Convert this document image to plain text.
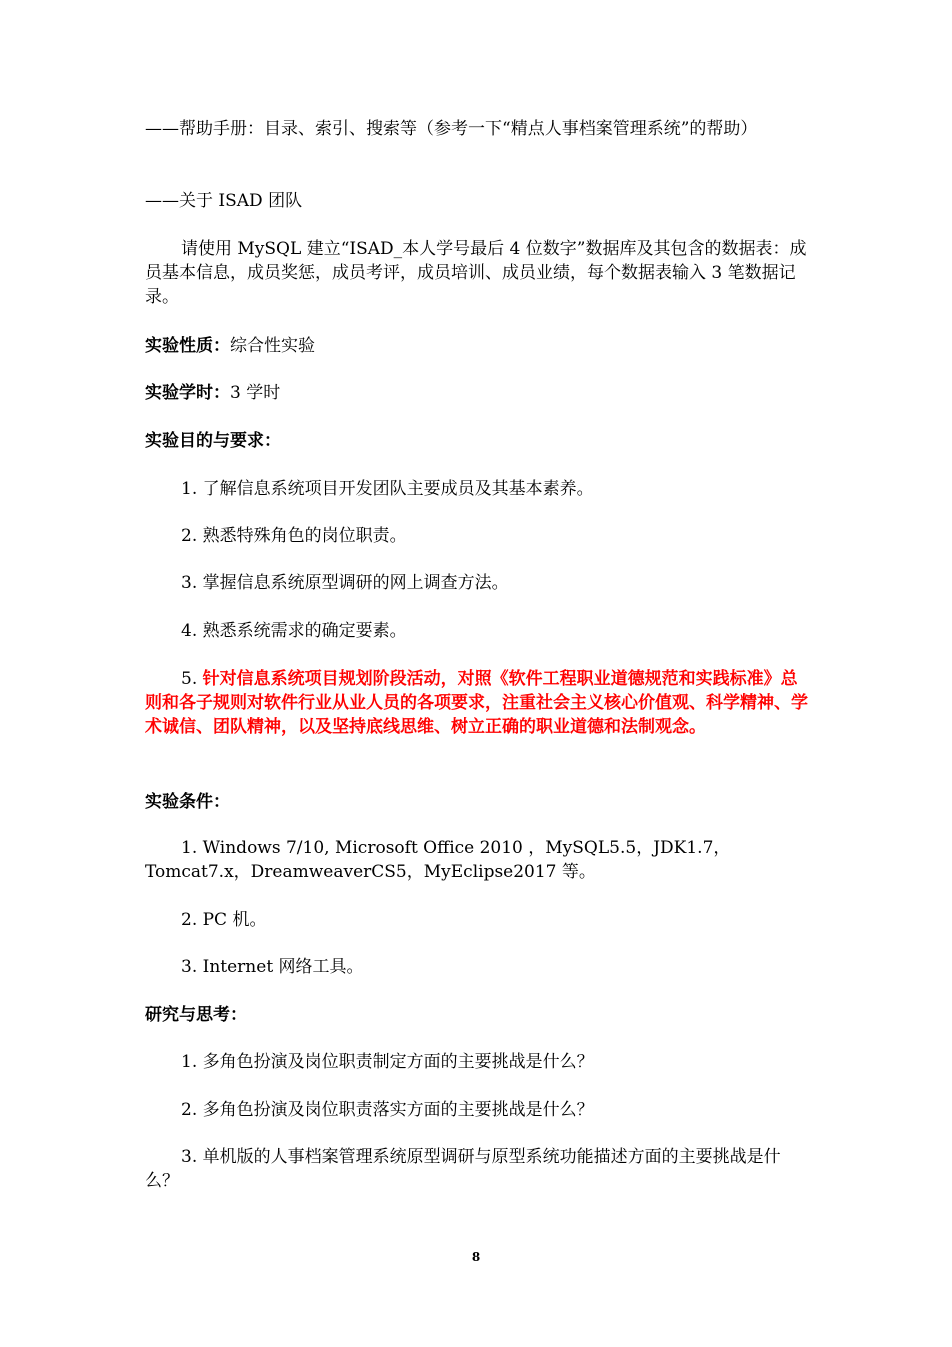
——帮助手册：目录、索引、搜索等（参考一下“精点人事档案管理系统”的帮助）

——关于 ISAD 团队

请使用 MySQL 建立“ISAD_本人学号最后 4 位数字”数据库及其包含的数据表：成员基本信息，成员奖惩，成员考评，成员培训、成员业绩，每个数据表输入 3 笔数据记录。

实验性质：综合性实验

实验学时：3 学时

实验目的与要求：

1. 了解信息系统项目开发团队主要成员及其基本素养。

2. 熟悉特殊角色的岗位职责。

3. 掌握信息系统原型调研的网上调查方法。

4. 熟悉系统需求的确定要素。

5. 针对信息系统项目规划阶段活动，对照《软件工程职业道德规范和实践标准》总则和各子规则对软件行业从业人员的各项要求，注重社会主义核心价值观、科学精神、学术诚信、团队精神，以及坚持底线思维、树立正确的职业道德和法制观念。

实验条件：

1. Windows 7/10, Microsoft Office 2010 ，MySQL5.5，JDK1.7，Tomcat7.x，DreamweaverCS5，MyEclipse2017 等。

2. PC 机。

3. Internet 网络工具。

研究与思考：

1. 多角色扮演及岗位职责制定方面的主要挑战是什么？

2. 多角色扮演及岗位职责落实方面的主要挑战是什么？

3. 单机版的人事档案管理系统原型调研与原型系统功能描述方面的主要挑战是什么？

8
